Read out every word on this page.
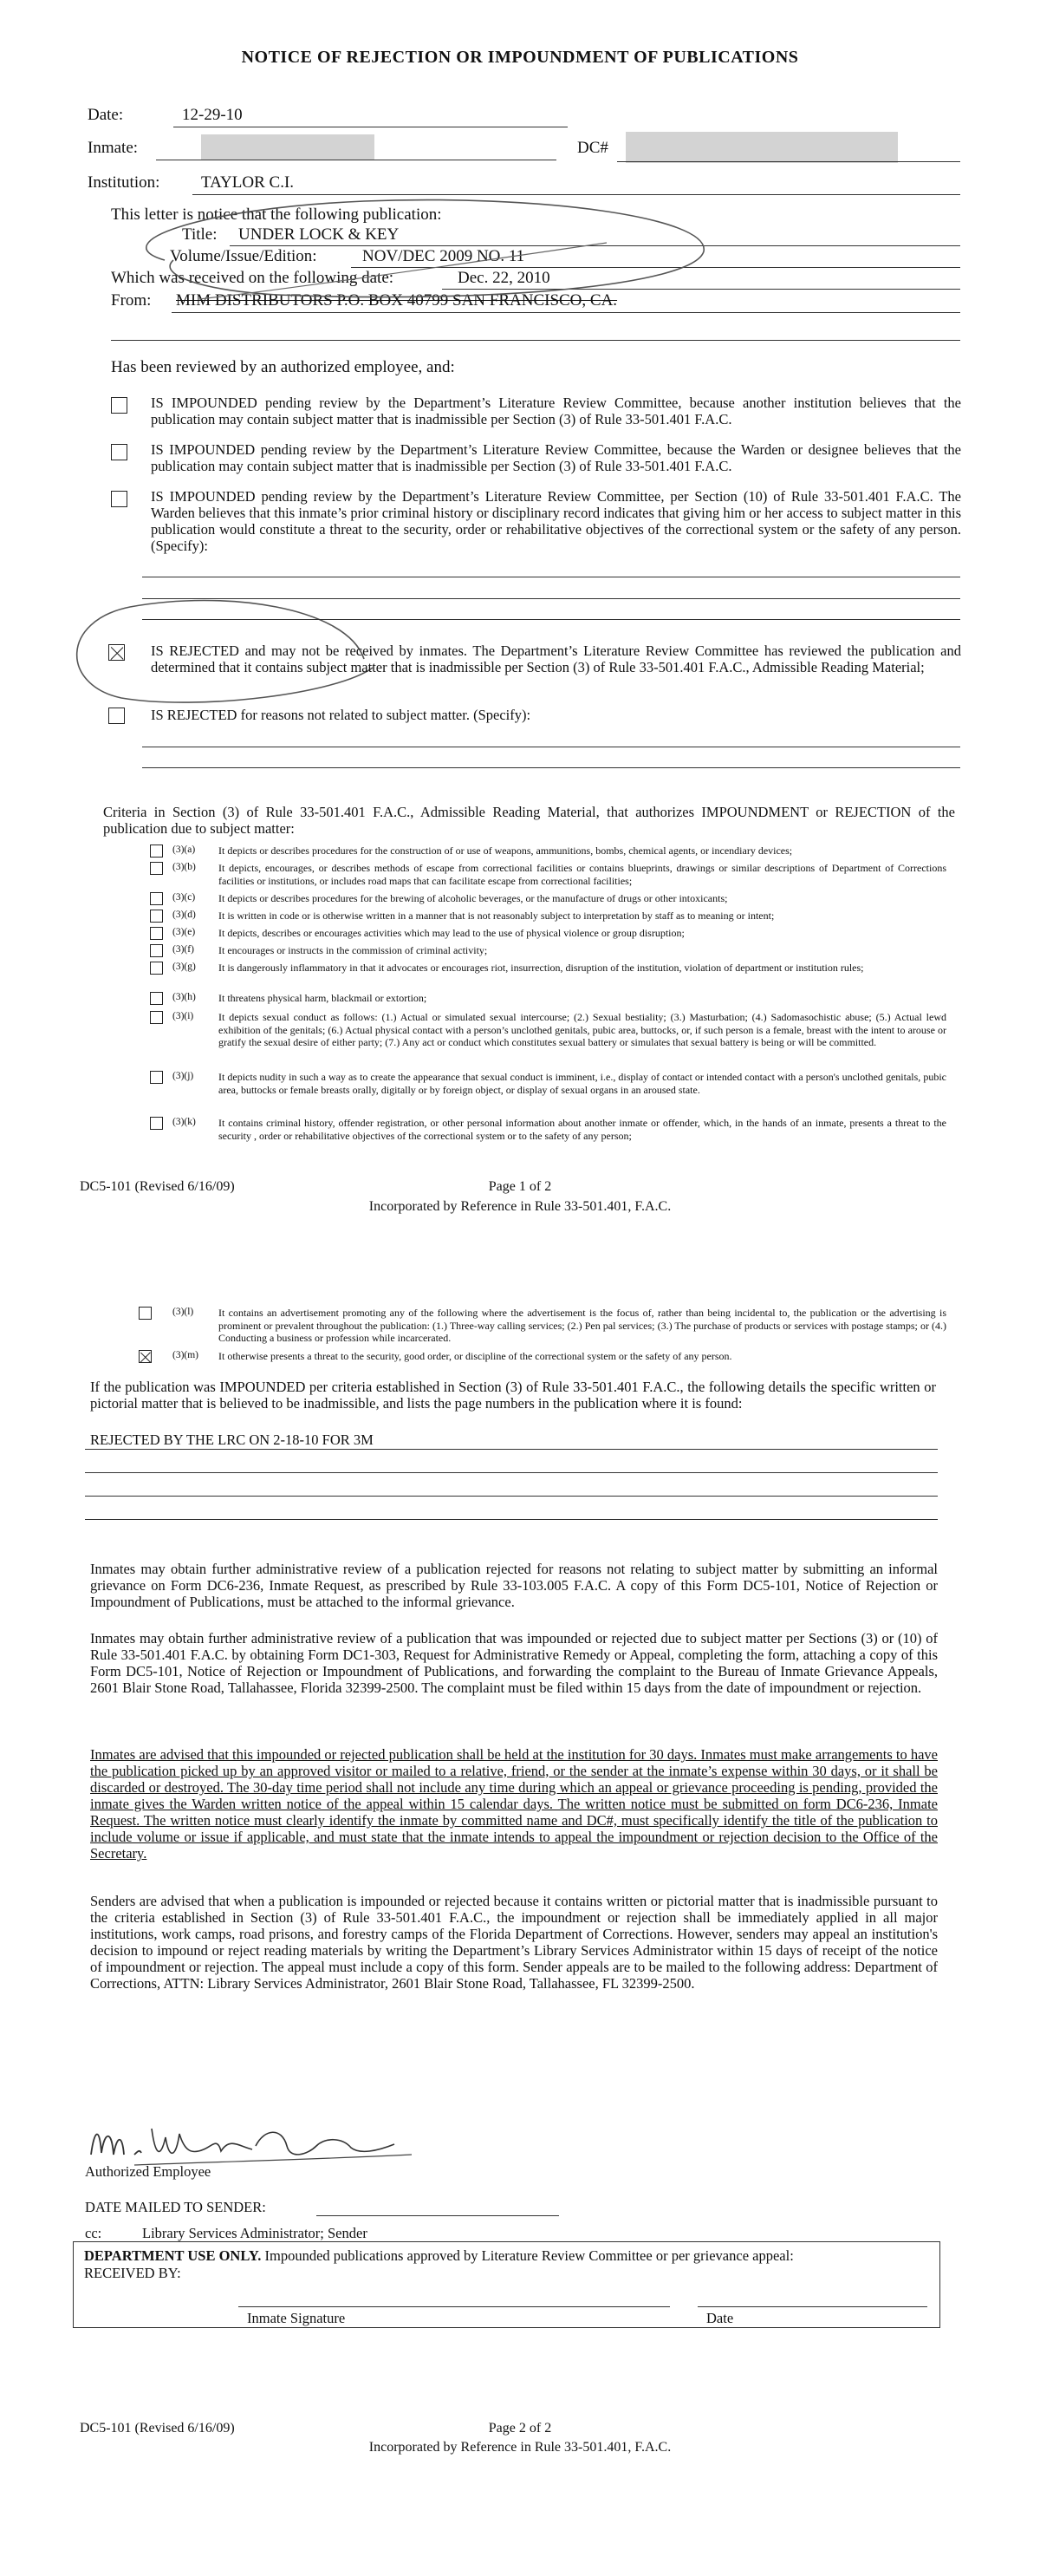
NOTICE OF REJECTION OR IMPOUNDMENT OF PUBLICATIONS
Date:	12-29-10
Inmate:	DC#
Institution:	TAYLOR C.I.
This letter is notice that the following publication:
Title: UNDER LOCK & KEY
Volume/Issue/Edition:	NOV/DEC 2009 NO. 11
Which was received on the following date:	Dec. 22, 2010
From: MIM DISTRIBUTORS P.O. BOX 40799 SAN FRANCISCO, CA.
Has been reviewed by an authorized employee, and:
IS IMPOUNDED pending review by the Department’s Literature Review Committee, because another institution believes that the publication may contain subject matter that is inadmissible per Section (3) of Rule 33-501.401 F.A.C.
IS IMPOUNDED pending review by the Department’s Literature Review Committee, because the Warden or designee believes that the publication may contain subject matter that is inadmissible per Section (3) of Rule 33-501.401 F.A.C.
IS IMPOUNDED pending review by the Department’s Literature Review Committee, per Section (10) of Rule 33-501.401 F.A.C. The Warden believes that this inmate’s prior criminal history or disciplinary record indicates that giving him or her access to subject matter in this publication would constitute a threat to the security, order or rehabilitative objectives of the correctional system or the safety of any person. (Specify):
IS REJECTED and may not be received by inmates. The Department’s Literature Review Committee has reviewed the publication and determined that it contains subject matter that is inadmissible per Section (3) of Rule 33-501.401 F.A.C., Admissible Reading Material;
IS REJECTED for reasons not related to subject matter. (Specify):
Criteria in Section (3) of Rule 33-501.401 F.A.C., Admissible Reading Material, that authorizes IMPOUNDMENT or REJECTION of the publication due to subject matter:
(3)(a) It depicts or describes procedures for the construction of or use of weapons, ammunitions, bombs, chemical agents, or incendiary devices;
(3)(b) It depicts, encourages, or describes methods of escape from correctional facilities or contains blueprints, drawings or similar descriptions of Department of Corrections facilities or institutions, or includes road maps that can facilitate escape from correctional facilities;
(3)(c) It depicts or describes procedures for the brewing of alcoholic beverages, or the manufacture of drugs or other intoxicants;
(3)(d) It is written in code or is otherwise written in a manner that is not reasonably subject to interpretation by staff as to meaning or intent;
(3)(e) It depicts, describes or encourages activities which may lead to the use of physical violence or group disruption;
(3)(f) It encourages or instructs in the commission of criminal activity;
(3)(g) It is dangerously inflammatory in that it advocates or encourages riot, insurrection, disruption of the institution, violation of department or institution rules;
(3)(h) It threatens physical harm, blackmail or extortion;
(3)(i) It depicts sexual conduct as follows: (1.) Actual or simulated sexual intercourse; (2.) Sexual bestiality; (3.) Masturbation; (4.) Sadomasochistic abuse; (5.) Actual lewd exhibition of the genitals; (6.) Actual physical contact with a person’s unclothed genitals, pubic area, buttocks, or, if such person is a female, breast with the intent to arouse or gratify the sexual desire of either party; (7.) Any act or conduct which constitutes sexual battery or simulates that sexual battery is being or will be committed.
(3)(j) It depicts nudity in such a way as to create the appearance that sexual conduct is imminent, i.e., display of contact or intended contact with a person's unclothed genitals, pubic area, buttocks or female breasts orally, digitally or by foreign object, or display of sexual organs in an aroused state.
(3)(k) It contains criminal history, offender registration, or other personal information about another inmate or offender, which, in the hands of an inmate, presents a threat to the security , order or rehabilitative objectives of the correctional system or to the safety of any person;
DC5-101 (Revised 6/16/09)	Page 1 of 2
Incorporated by Reference in Rule 33-501.401, F.A.C.
(3)(l) It contains an advertisement promoting any of the following where the advertisement is the focus of, rather than being incidental to, the publication or the advertising is prominent or prevalent throughout the publication: (1.) Three-way calling services; (2.) Pen pal services; (3.) The purchase of products or services with postage stamps; or (4.) Conducting a business or profession while incarcerated.
(3)(m) It otherwise presents a threat to the security, good order, or discipline of the correctional system or the safety of any person.
If the publication was IMPOUNDED per criteria established in Section (3) of Rule 33-501.401 F.A.C., the following details the specific written or pictorial matter that is believed to be inadmissible, and lists the page numbers in the publication where it is found:
REJECTED BY THE LRC ON 2-18-10 FOR 3M
Inmates may obtain further administrative review of a publication rejected for reasons not relating to subject matter by submitting an informal grievance on Form DC6-236, Inmate Request, as prescribed by Rule 33-103.005 F.A.C. A copy of this Form DC5-101, Notice of Rejection or Impoundment of Publications, must be attached to the informal grievance.
Inmates may obtain further administrative review of a publication that was impounded or rejected due to subject matter per Sections (3) or (10) of Rule 33-501.401 F.A.C. by obtaining Form DC1-303, Request for Administrative Remedy or Appeal, completing the form, attaching a copy of this Form DC5-101, Notice of Rejection or Impoundment of Publications, and forwarding the complaint to the Bureau of Inmate Grievance Appeals, 2601 Blair Stone Road, Tallahassee, Florida 32399-2500. The complaint must be filed within 15 days from the date of impoundment or rejection.
Inmates are advised that this impounded or rejected publication shall be held at the institution for 30 days. Inmates must make arrangements to have the publication picked up by an approved visitor or mailed to a relative, friend, or the sender at the inmate’s expense within 30 days, or it shall be discarded or destroyed. The 30-day time period shall not include any time during which an appeal or grievance proceeding is pending, provided the inmate gives the Warden written notice of the appeal within 15 calendar days. The written notice must be submitted on form DC6-236, Inmate Request. The written notice must clearly identify the inmate by committed name and DC#, must specifically identify the title of the publication to include volume or issue if applicable, and must state that the inmate intends to appeal the impoundment or rejection decision to the Office of the Secretary.
Senders are advised that when a publication is impounded or rejected because it contains written or pictorial matter that is inadmissible pursuant to the criteria established in Section (3) of Rule 33-501.401 F.A.C., the impoundment or rejection shall be immediately applied in all major institutions, work camps, road prisons, and forestry camps of the Florida Department of Corrections. However, senders may appeal an institution's decision to impound or reject reading materials by writing the Department’s Library Services Administrator within 15 days of receipt of the notice of impoundment or rejection. The appeal must include a copy of this form. Sender appeals are to be mailed to the following address: Department of Corrections, ATTN: Library Services Administrator, 2601 Blair Stone Road, Tallahassee, FL 32399-2500.
Authorized Employee
DATE MAILED TO SENDER:
cc:	Library Services Administrator; Sender
DEPARTMENT USE ONLY. Impounded publications approved by Literature Review Committee or per grievance appeal:
RECEIVED BY:
Inmate Signature	Date
DC5-101 (Revised 6/16/09)	Page 2 of 2
Incorporated by Reference in Rule 33-501.401, F.A.C.
